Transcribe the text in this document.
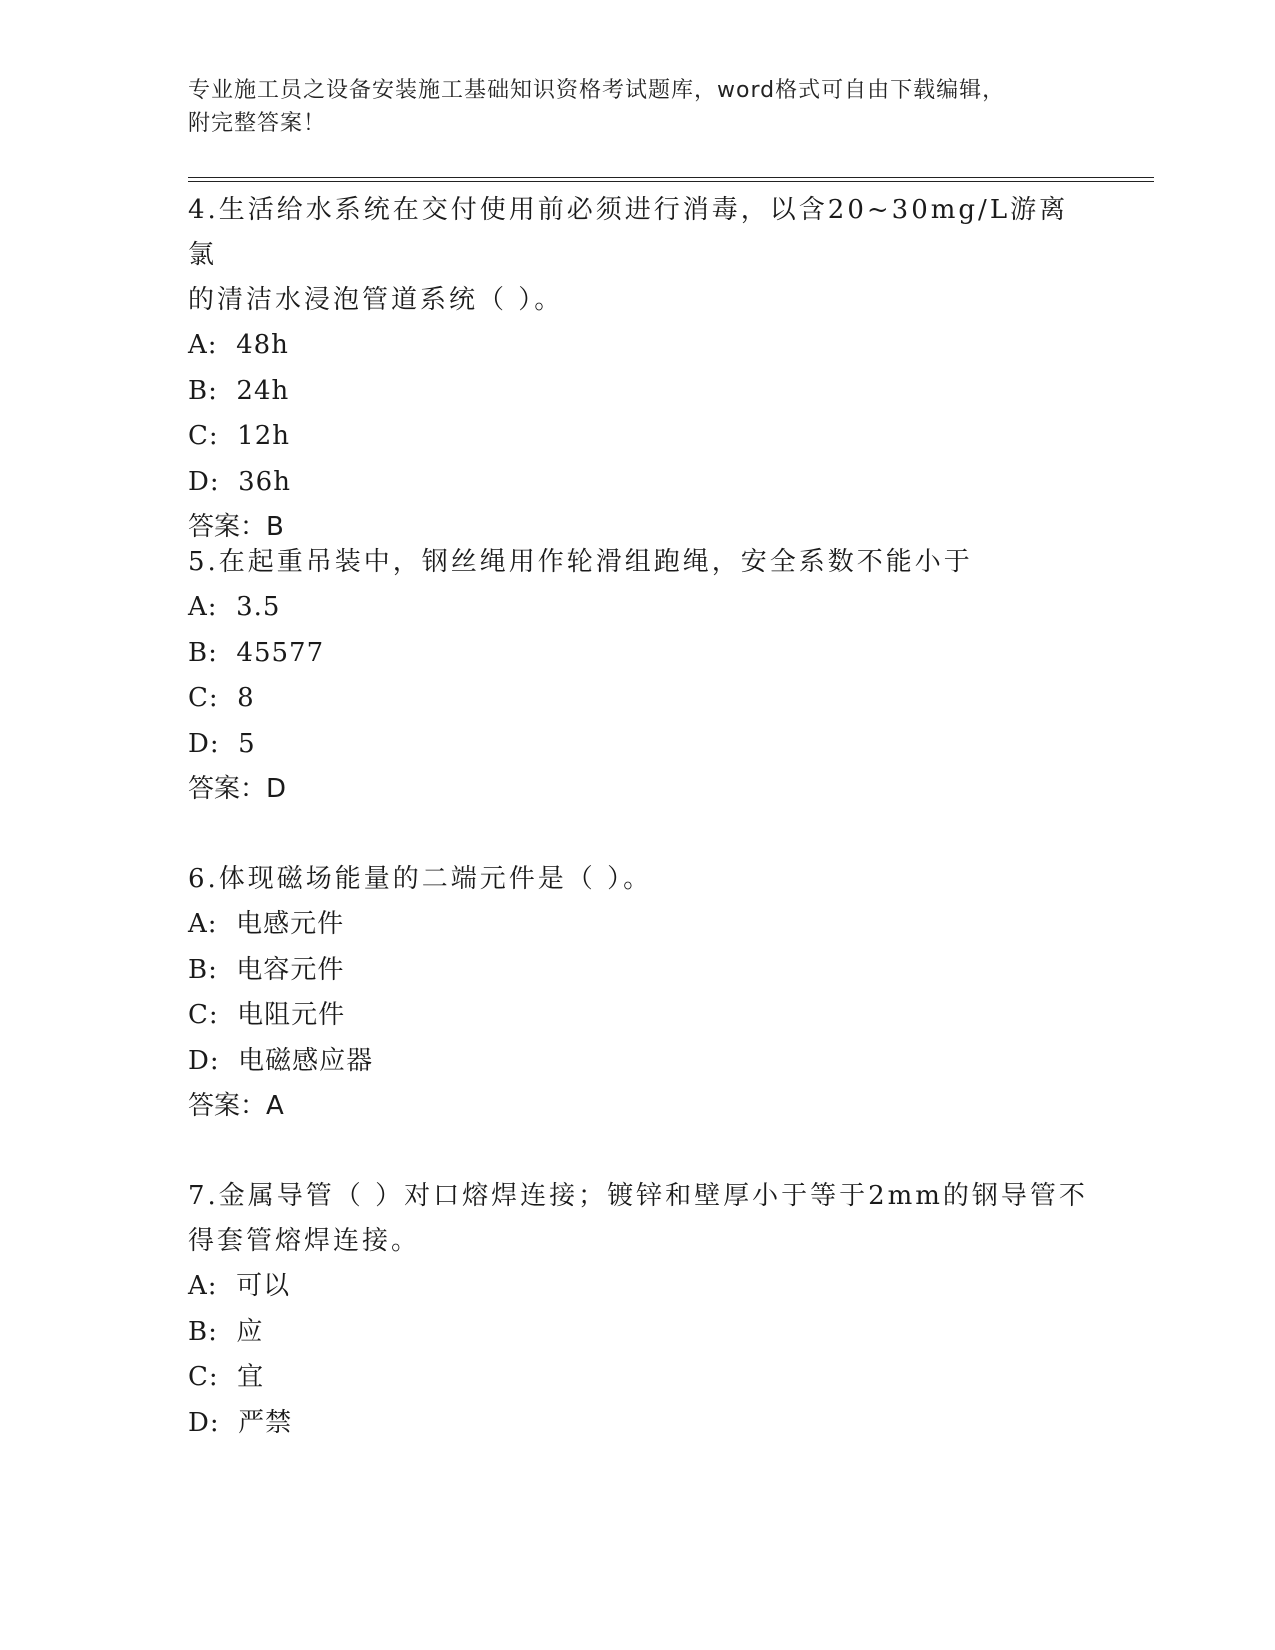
专业施工员之设备安装施工基础知识资格考试题库，word格式可自由下载编辑，
附完整答案！

4.生活给水系统在交付使用前必须进行消毒，以含20~30mg/L游离氯

的清洁水浸泡管道系统（ ）。

A:  48h

B:  24h

C:  12h

D:  36h

答案：B

5.在起重吊装中，钢丝绳用作轮滑组跑绳，安全系数不能小于

A:  3.5

B:  45577

C:  8

D:  5

答案：D

6.体现磁场能量的二端元件是（ ）。

A:  电感元件

B:  电容元件

C:  电阻元件

D:  电磁感应器

答案：A

7.金属导管（ ）对口熔焊连接；镀锌和壁厚小于等于2mm的钢导管不

得套管熔焊连接。

A:  可以

B:  应

C:  宜

D:  严禁
